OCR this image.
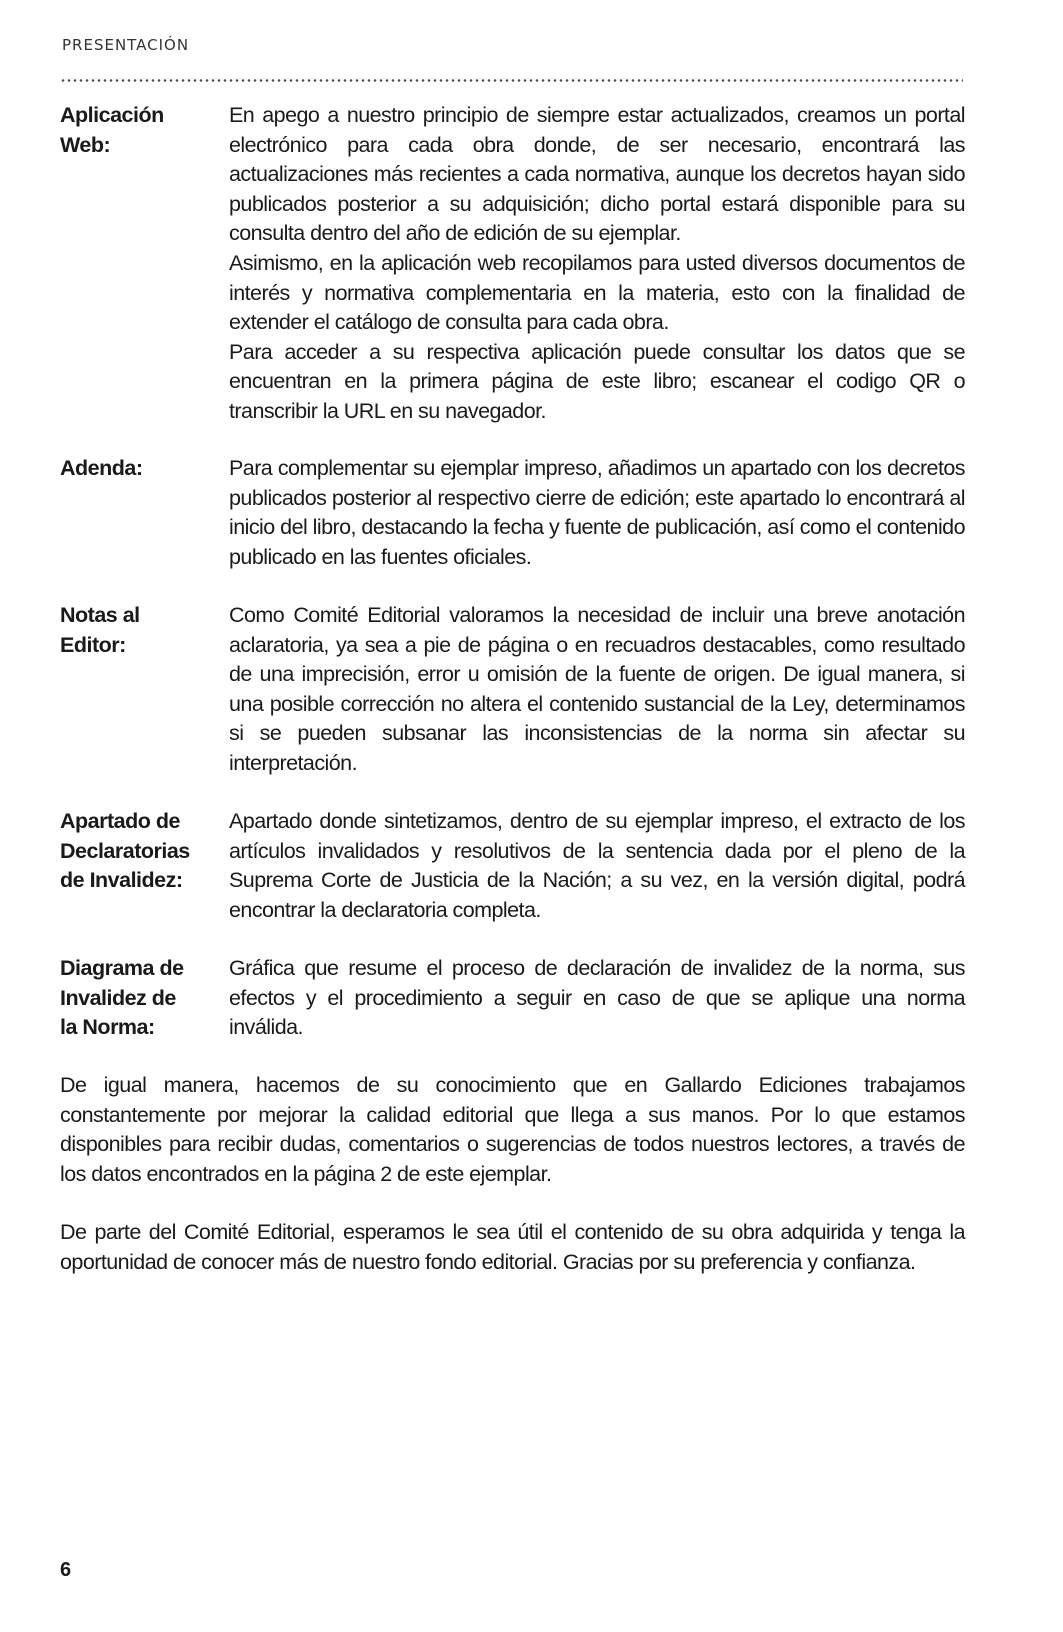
PRESENTACIÓN
Aplicación
Web:

En apego a nuestro principio de siempre estar actualizados, creamos un portal electrónico para cada obra donde, de ser necesario, encontrará las actualizaciones más recientes a cada normativa, aunque los decretos hayan sido publicados posterior a su adquisición; dicho portal estará disponible para su consulta dentro del año de edición de su ejemplar.

Asimismo, en la aplicación web recopilamos para usted diversos documentos de interés y normativa complementaria en la materia, esto con la finalidad de extender el catálogo de consulta para cada obra.

Para acceder a su respectiva aplicación puede consultar los datos que se encuentran en la primera página de este libro; escanear el codigo QR o transcribir la URL en su navegador.

Adenda:	Para complementar su ejemplar impreso, añadimos un apartado con los decretos publicados posterior al respectivo cierre de edición; este apartado lo encontrará al inicio del libro, destacando la fecha y fuente de publicación, así como el contenido publicado en las fuentes oficiales.

Notas al
Editor:

Como Comité Editorial valoramos la necesidad de incluir una breve anotación aclaratoria, ya sea a pie de página o en recuadros destacables, como resultado de una imprecisión, error u omisión de la fuente de origen. De igual manera, si una posible corrección no altera el contenido sustancial de la Ley, determinamos si se pueden subsanar las inconsistencias de la norma sin afectar su interpretación.

Apartado de
Declaratorias
de Invalidez:

Apartado donde sintetizamos, dentro de su ejemplar impreso, el extracto de los artículos invalidados y resolutivos de la sentencia dada por el pleno de la Suprema Corte de Justicia de la Nación; a su vez, en la versión digital, podrá encontrar la declaratoria completa.

Diagrama de
Invalidez de
la Norma:

Gráfica que resume el proceso de declaración de invalidez de la norma, sus efectos y el procedimiento a seguir en caso de que se aplique una norma inválida.

De igual manera, hacemos de su conocimiento que en Gallardo Ediciones trabajamos constantemente por mejorar la calidad editorial que llega a sus manos. Por lo que estamos disponibles para recibir dudas, comentarios o sugerencias de todos nuestros lectores, a través de los datos encontrados en la página 2 de este ejemplar.

De parte del Comité Editorial, esperamos le sea útil el contenido de su obra adquirida y tenga la oportunidad de conocer más de nuestro fondo editorial. Gracias por su preferencia y confianza.

6
